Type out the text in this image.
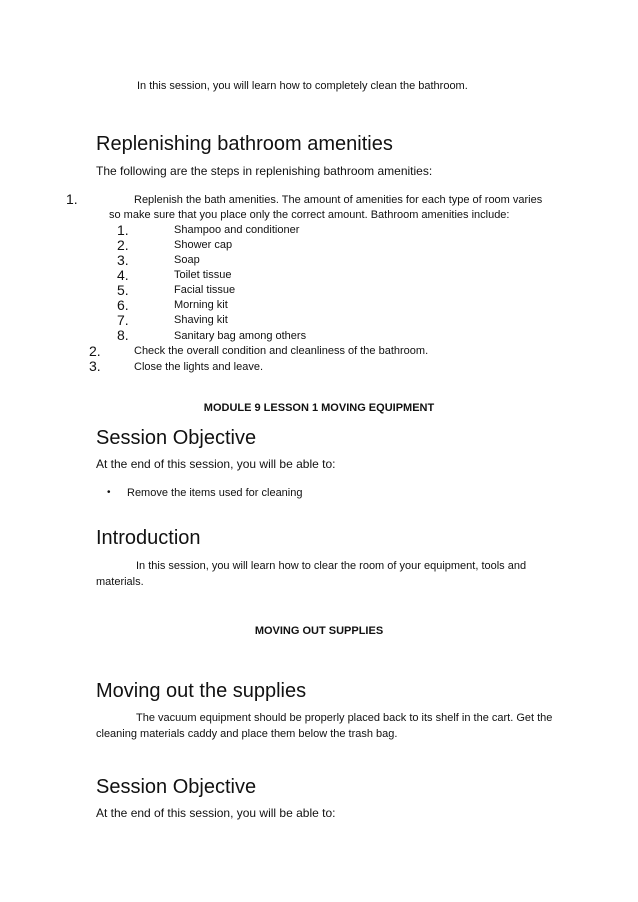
In this session, you will learn how to completely clean the bathroom.
Replenishing bathroom amenities
The following are the steps in replenishing bathroom amenities:
1.	Replenish the bath amenities. The amount of amenities for each type of room varies
so make sure that you place only the correct amount. Bathroom amenities include:
1.	Shampoo and conditioner
2.	Shower cap
3.	Soap
4.	Toilet tissue
5.	Facial tissue
6.	Morning kit
7.	Shaving kit
8.	Sanitary bag among others
2.	Check the overall condition and cleanliness of the bathroom.
3.	Close the lights and leave.
MODULE 9 LESSON 1 MOVING EQUIPMENT
Session Objective
At the end of this session, you will be able to:
• Remove the items used for cleaning
Introduction
In this session, you will learn how to clear the room of your equipment, tools and
materials.
MOVING OUT SUPPLIES
Moving out the supplies
The vacuum equipment should be properly placed back to its shelf in the cart. Get the
cleaning materials caddy and place them below the trash bag.
Session Objective
At the end of this session, you will be able to:
